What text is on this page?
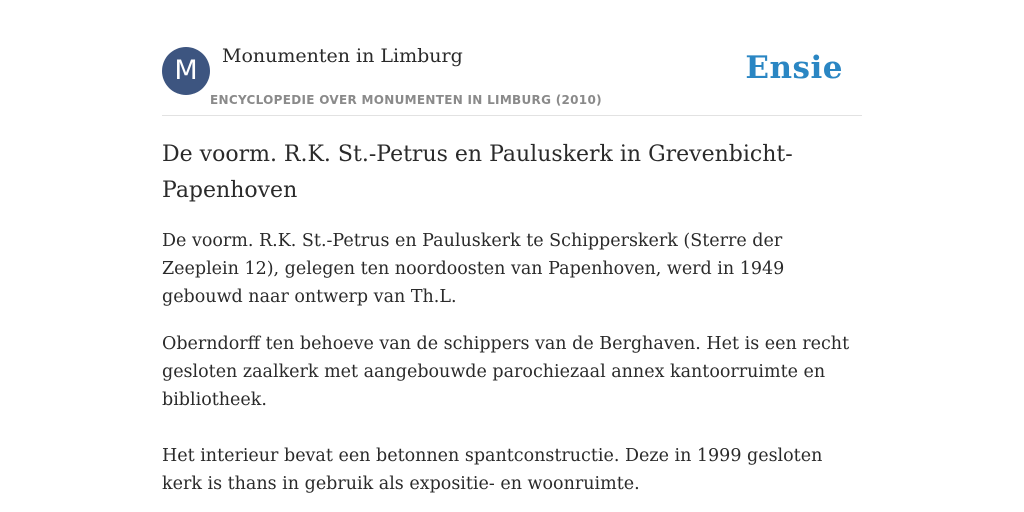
M	Monumenten in Limburg	Ensie
ENCYCLOPEDIE OVER MONUMENTEN IN LIMBURG (2010)
De voorm. R.K. St.-Petrus en Pauluskerk in Grevenbicht-Papenhoven

De voorm. R.K. St.-Petrus en Pauluskerk te Schipperskerk (Sterre der Zeeplein 12), gelegen ten noordoosten van Papenhoven, werd in 1949 gebouwd naar ontwerp van Th.L.

Oberndorff ten behoeve van de schippers van de Berghaven. Het is een recht gesloten zaalkerk met aangebouwde parochiezaal annex kantoorruimte en bibliotheek.

Het interieur bevat een betonnen spantconstructie. Deze in 1999 gesloten kerk is thans in gebruik als expositie- en woonruimte.
